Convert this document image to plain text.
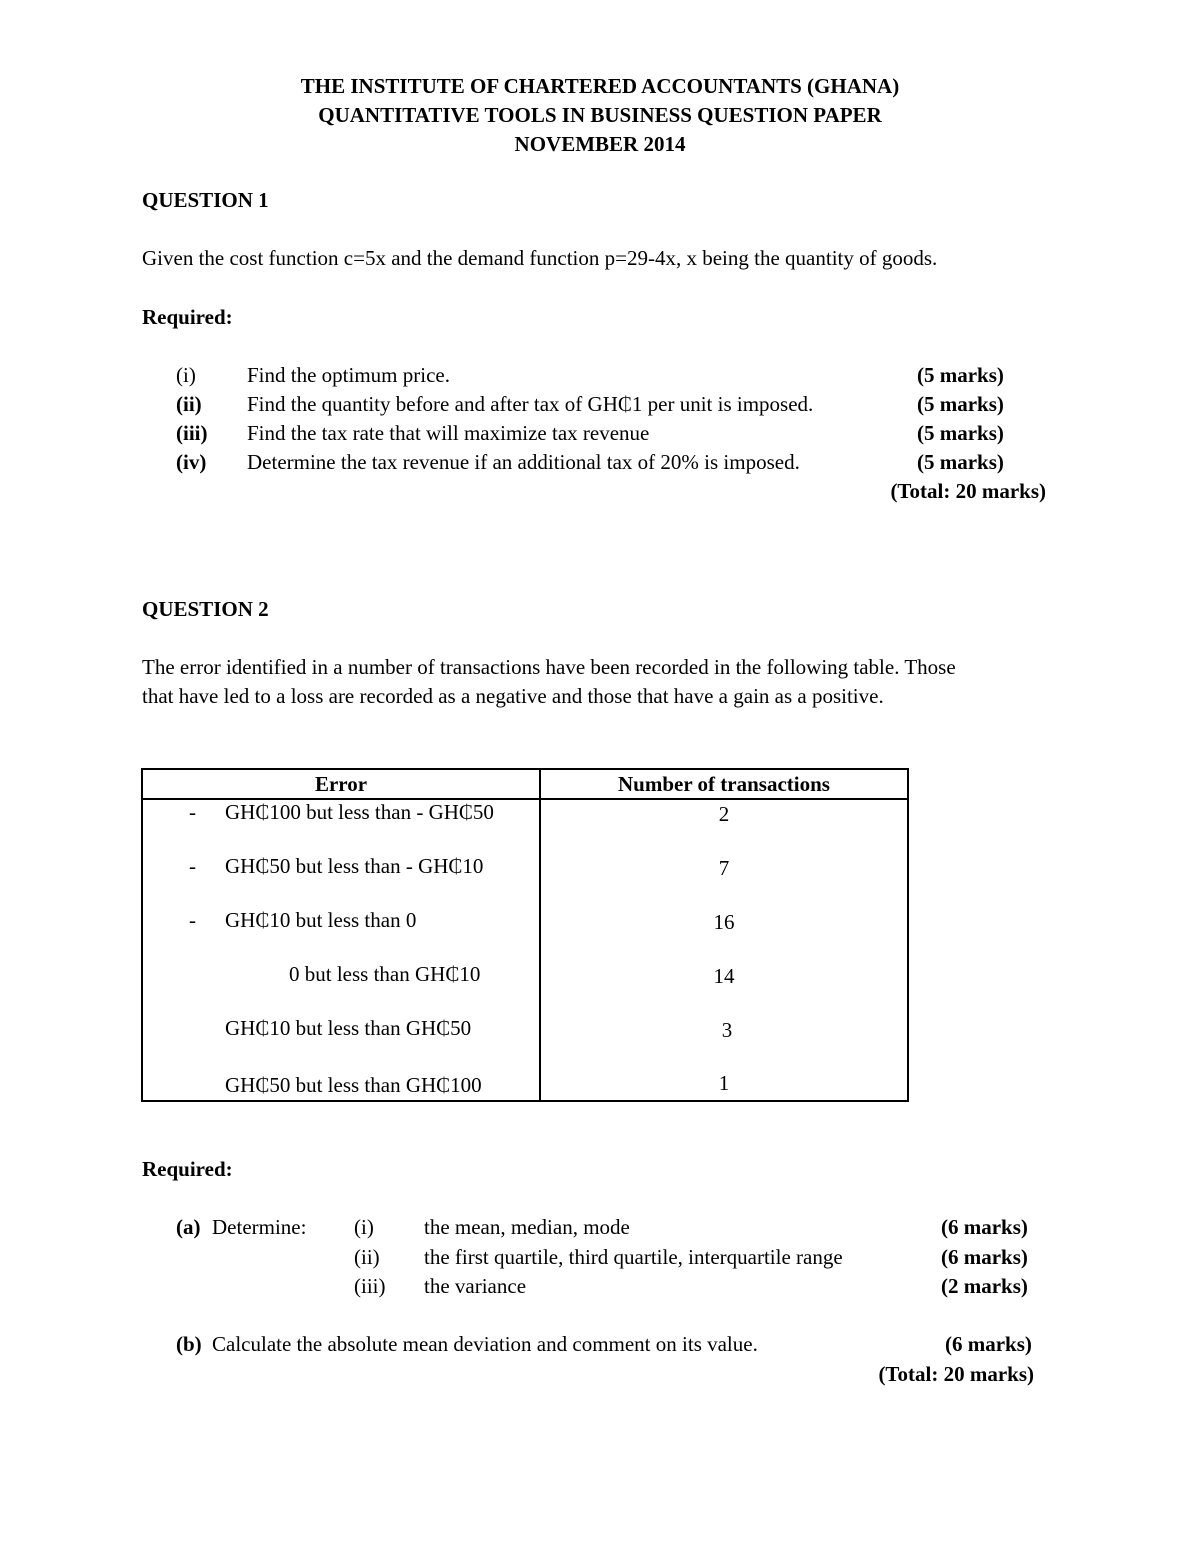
THE INSTITUTE OF CHARTERED ACCOUNTANTS (GHANA)
QUANTITATIVE TOOLS IN BUSINESS QUESTION PAPER
NOVEMBER 2014
QUESTION 1
Given the cost function c=5x and the demand function p=29-4x, x being the quantity of goods.
Required:
(i) Find the optimum price.	(5 marks)
(ii) Find the quantity before and after tax of GH₵1 per unit is imposed.	(5 marks)
(iii) Find the tax rate that will maximize tax revenue	(5 marks)
(iv) Determine the tax revenue if an additional tax of 20% is imposed.	(5 marks)
(Total: 20 marks)
QUESTION 2
The error identified in a number of transactions have been recorded in the following table. Those
that have led to a loss are recorded as a negative and those that have a gain as a positive.
Error	Number of transactions

- GH₵100 but less than - GH₵50	2

- GH₵50 but less than - GH₵10	7

- GH₵10 but less than 0	16

0 but less than GH₵10	14

GH₵10 but less than GH₵50	3

GH₵50 but less than GH₵100	1
Required:
(a) Determine: (i) the mean, median, mode	(6 marks)
(ii) the first quartile, third quartile, interquartile range	(6 marks)
(iii) the variance	(2 marks)
(b) Calculate the absolute mean deviation and comment on its value.	(6 marks)
(Total: 20 marks)
